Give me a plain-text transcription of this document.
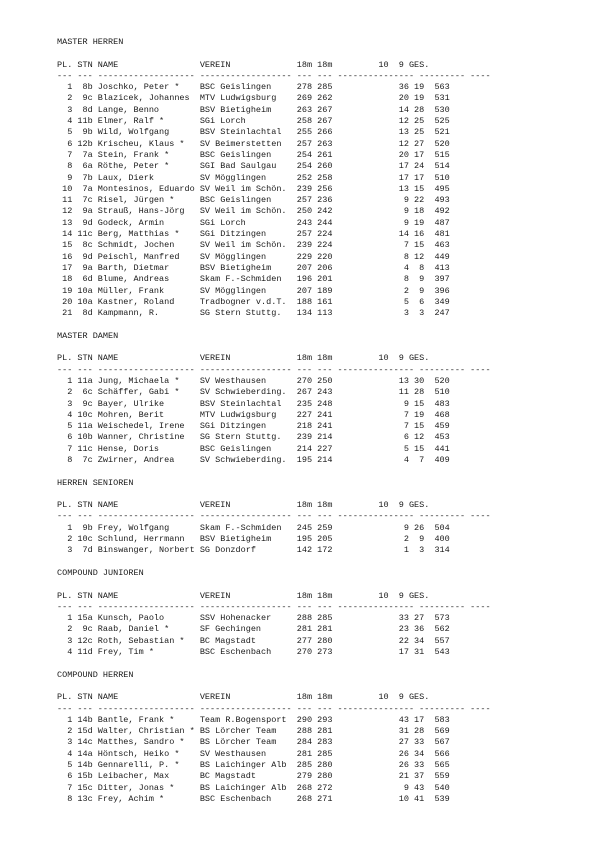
MASTER HERREN
PL. STN NAME                VEREIN             18m 18m         10  9 GES.
--- --- ------------------- ------------------ --- --- --------------- --------- ----
1  8b Joschko, Peter *    BSC Geislingen     278 285             36 19  563
2  9c Blazicek, Johannes  MTV Ludwigsburg    269 262             20 19  531
3  8d Lange, Benno        BSV Bietigheim     263 267             14 28  530
4 11b Elmer, Ralf *       SGi Lorch          258 267             12 25  525
5  9b Wild, Wolfgang      BSV Steinlachtal   255 266             13 25  521
6 12b Krischeu, Klaus *   SV Beimerstetten   257 263             12 27  520
7  7a Stein, Frank *      BSC Geislingen     254 261             20 17  515
8  6a Röthe, Peter *      SGI Bad Saulgau    254 260             17 24  514
9  7b Laux, Dierk         SV Mögglingen      252 258             17 17  510
10  7a Montesinos, Eduardo SV Weil im Schön.  239 256             13 15  495
11  7c Risel, Jürgen *     BSC Geislingen     257 236              9 22  493
12  9a Strauß, Hans-Jörg   SV Weil im Schön.  250 242              9 18  492
13  9d Godeck, Armin       SGi Lorch          243 244              9 19  487
14 11c Berg, Matthias *    SGi Ditzingen      257 224             14 16  481
15  8c Schmidt, Jochen     SV Weil im Schön.  239 224              7 15  463
16  9d Peischl, Manfred    SV Mögglingen      229 220              8 12  449
17  9a Barth, Dietmar      BSV Bietigheim     207 206              4  8  413
18  6d Blume, Andreas      Skam F.-Schmiden   196 201              8  9  397
19 10a Müller, Frank       SV Mögglingen      207 189              2  9  396
20 10a Kastner, Roland     Tradbogner v.d.T.  188 161              5  6  349
21  8d Kampmann, R.        SG Stern Stuttg.   134 113              3  3  247
MASTER DAMEN
PL. STN NAME                VEREIN             18m 18m         10  9 GES.
--- --- ------------------- ------------------ --- --- --------------- --------- ----
1 11a Jung, Michaela *    SV Westhausen      270 250             13 30  520
2  6c Schäffer, Gabi *    SV Schwieberding.  267 243             11 28  510
3  9c Bayer, Ulrike       BSV Steinlachtal   235 248              9 15  483
4 10c Mohren, Berit       MTV Ludwigsburg    227 241              7 19  468
5 11a Weischedel, Irene   SGi Ditzingen      218 241              7 15  459
6 10b Wanner, Christine   SG Stern Stuttg.   239 214              6 12  453
7 11c Hense, Doris        BSC Geislingen     214 227              5 15  441
8  7c Zwirner, Andrea     SV Schwieberding.  195 214              4  7  409
HERREN SENIOREN
PL. STN NAME                VEREIN             18m 18m         10  9 GES.
--- --- ------------------- ------------------ --- --- --------------- --------- ----
1  9b Frey, Wolfgang      Skam F.-Schmiden   245 259              9 26  504
2 10c Schlund, Herrmann   BSV Bietigheim     195 205              2  9  400
3  7d Binswanger, Norbert SG Donzdorf        142 172              1  3  314
COMPOUND JUNIOREN
PL. STN NAME                VEREIN             18m 18m         10  9 GES.
--- --- ------------------- ------------------ --- --- --------------- --------- ----
1 15a Kunsch, Paolo       SSV Hohenacker     288 285             33 27  573
2  9c Raab, Daniel *      SF Gechingen       281 281             23 36  562
3 12c Roth, Sebastian *   BC Magstadt        277 280             22 34  557
4 11d Frey, Tim *         BSC Eschenbach     270 273             17 31  543
COMPOUND HERREN
PL. STN NAME                VEREIN             18m 18m         10  9 GES.
--- --- ------------------- ------------------ --- --- --------------- --------- ----
1 14b Bantle, Frank *     Team R.Bogensport  290 293             43 17  583
2 15d Walter, Christian * BS Lörcher Team    288 281             31 28  569
3 14c Matthes, Sandro *   BS Lörcher Team    284 283             27 33  567
4 14a Höntsch, Heiko *    SV Westhausen      281 285             26 34  566
5 14b Gennarelli, P. *    BS Laichinger Alb  285 280             26 33  565
6 15b Leibacher, Max      BC Magstadt        279 280             21 37  559
7 15c Ditter, Jonas *     BS Laichinger Alb  268 272              9 43  540
8 13c Frey, Achim *       BSC Eschenbach     268 271             10 41  539
